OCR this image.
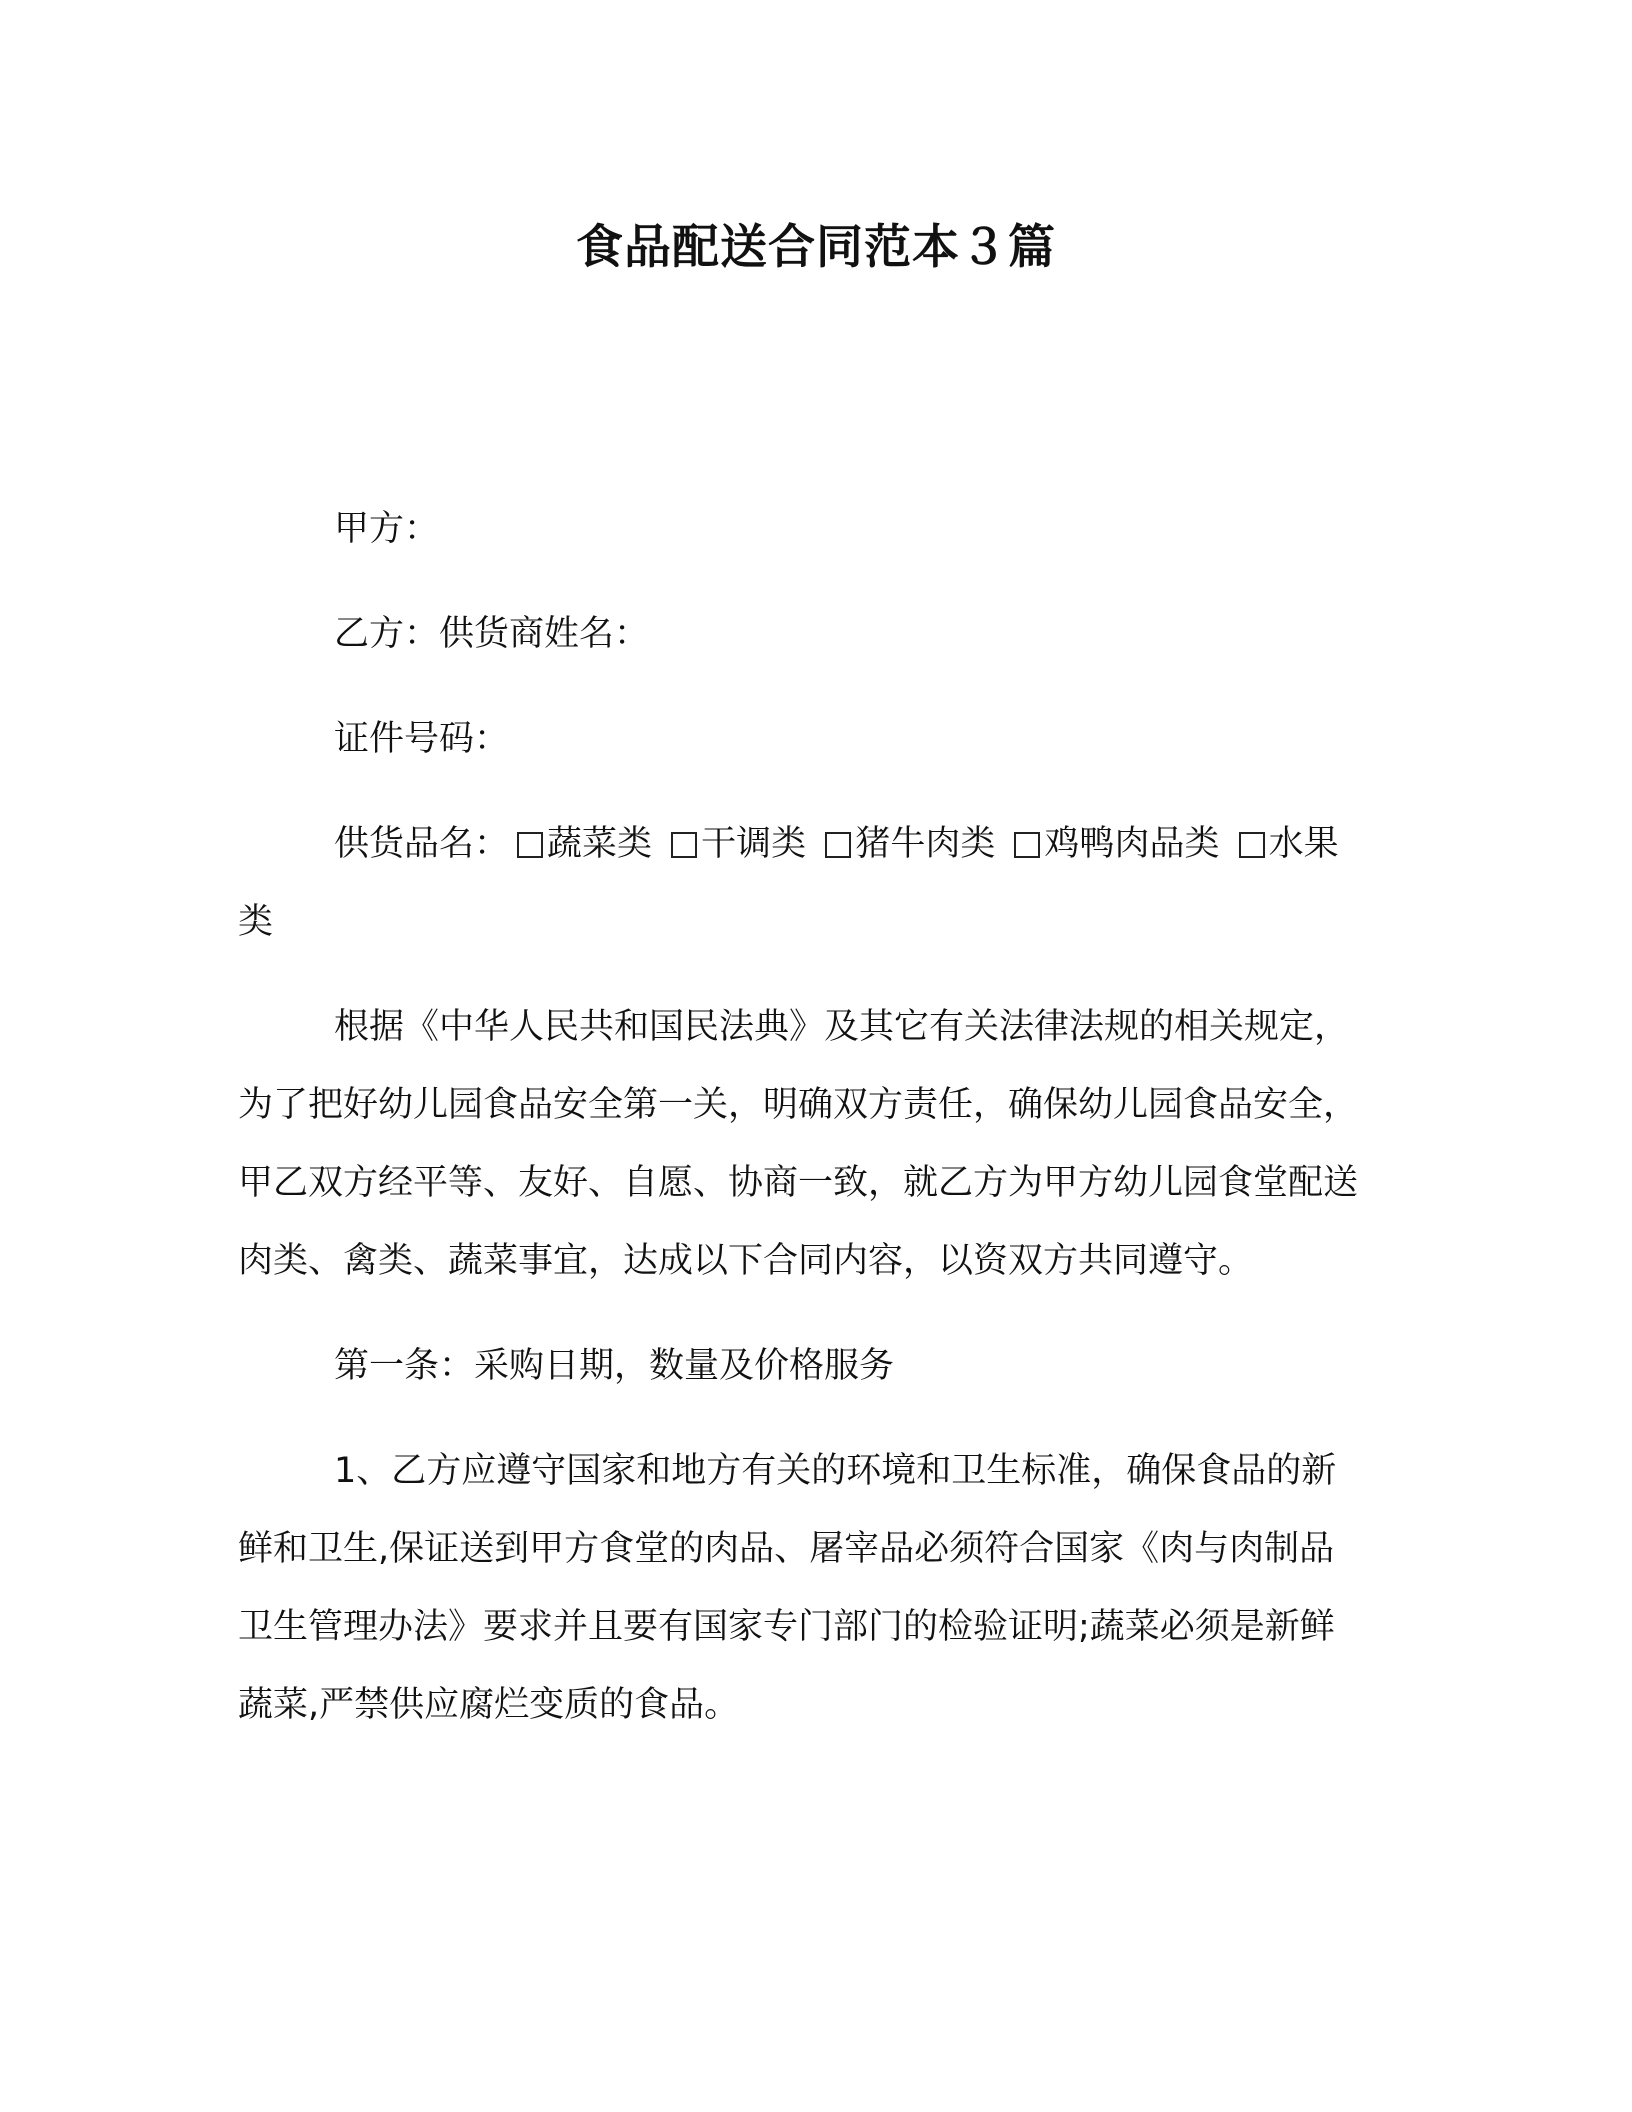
食品配送合同范本３篇

甲方：

乙方：供货商姓名：

证件号码：

供货品名： 蔬菜类 干调类 猪牛肉类 鸡鸭肉品类 水果类

根据《中华人民共和国民法典》及其它有关法律法规的相关规定，为了把好幼儿园食品安全第一关，明确双方责任，确保幼儿园食品安全，甲乙双方经平等、友好、自愿、协商一致，就乙方为甲方幼儿园食堂配送肉类、禽类、蔬菜事宜，达成以下合同内容，以资双方共同遵守。

第一条：采购日期，数量及价格服务

1、乙方应遵守国家和地方有关的环境和卫生标准，确保食品的新鲜和卫生,保证送到甲方食堂的肉品、屠宰品必须符合国家《肉与肉制品卫生管理办法》要求并且要有国家专门部门的检验证明;蔬菜必须是新鲜蔬菜,严禁供应腐烂变质的食品。
